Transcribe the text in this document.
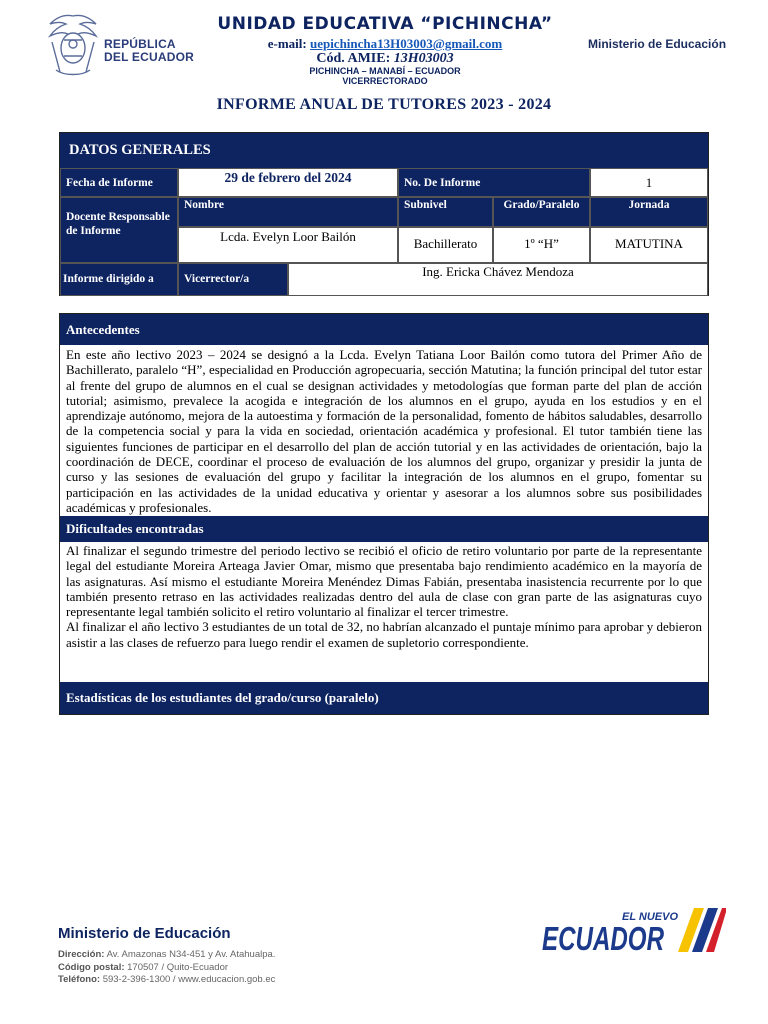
REPÚBLICA
DEL ECUADOR
UNIDAD EDUCATIVA “PICHINCHA”
e-mail: uepichincha13H03003@gmail.com
Cód. AMIE: 13H03003
PICHINCHA – MANABÍ – ECUADOR
VICERRECTORADO
Ministerio de Educación
INFORME ANUAL DE TUTORES 2023 - 2024
DATOS GENERALES
Fecha de Informe	29 de febrero del 2024	No. De Informe	1
Docente Responsable de Informe
Nombre	Subnivel	Grado/Paralelo	Jornada
Lcda. Evelyn Loor Bailón	Bachillerato	1º “H”	MATUTINA
Informe dirigido a	Vicerrector/a	Ing. Ericka Chávez Mendoza
Antecedentes
En este año lectivo 2023 – 2024 se designó a la Lcda. Evelyn Tatiana Loor Bailón como tutora del Primer Año de Bachillerato, paralelo “H”, especialidad en Producción agropecuaria, sección Matutina; la función principal del tutor estar al frente del grupo de alumnos en el cual se designan actividades y metodologías que forman parte del plan de acción tutorial; asimismo, prevalece la acogida e integración de los alumnos en el grupo, ayuda en los estudios y en el aprendizaje autónomo, mejora de la autoestima y formación de la personalidad, fomento de hábitos saludables, desarrollo de la competencia social y para la vida en sociedad, orientación académica y profesional. El tutor también tiene las siguientes funciones de participar en el desarrollo del plan de acción tutorial y en las actividades de orientación, bajo la coordinación de DECE, coordinar el proceso de evaluación de los alumnos del grupo, organizar y presidir la junta de curso y las sesiones de evaluación del grupo y facilitar la integración de los alumnos en el grupo, fomentar su participación en las actividades de la unidad educativa y orientar y asesorar a los alumnos sobre sus posibilidades académicas y profesionales.
Dificultades encontradas
Al finalizar el segundo trimestre del periodo lectivo se recibió el oficio de retiro voluntario por parte de la representante legal del estudiante Moreira Arteaga Javier Omar, mismo que presentaba bajo rendimiento académico en la mayoría de las asignaturas. Así mismo el estudiante Moreira Menéndez Dimas Fabián, presentaba inasistencia recurrente por lo que también presento retraso en las actividades realizadas dentro del aula de clase con gran parte de las asignaturas cuyo representante legal también solicito el retiro voluntario al finalizar el tercer trimestre.
Al finalizar el año lectivo 3 estudiantes de un total de 32, no habrían alcanzado el puntaje mínimo para aprobar y debieron asistir a las clases de refuerzo para luego rendir el examen de supletorio correspondiente.
Estadísticas de los estudiantes del grado/curso (paralelo)
Ministerio de Educación
Dirección: Av. Amazonas N34-451 y Av. Atahualpa.
Código postal: 170507 / Quito-Ecuador
Teléfono: 593-2-396-1300 / www.educacion.gob.ec
EL NUEVO
ECUADOR
